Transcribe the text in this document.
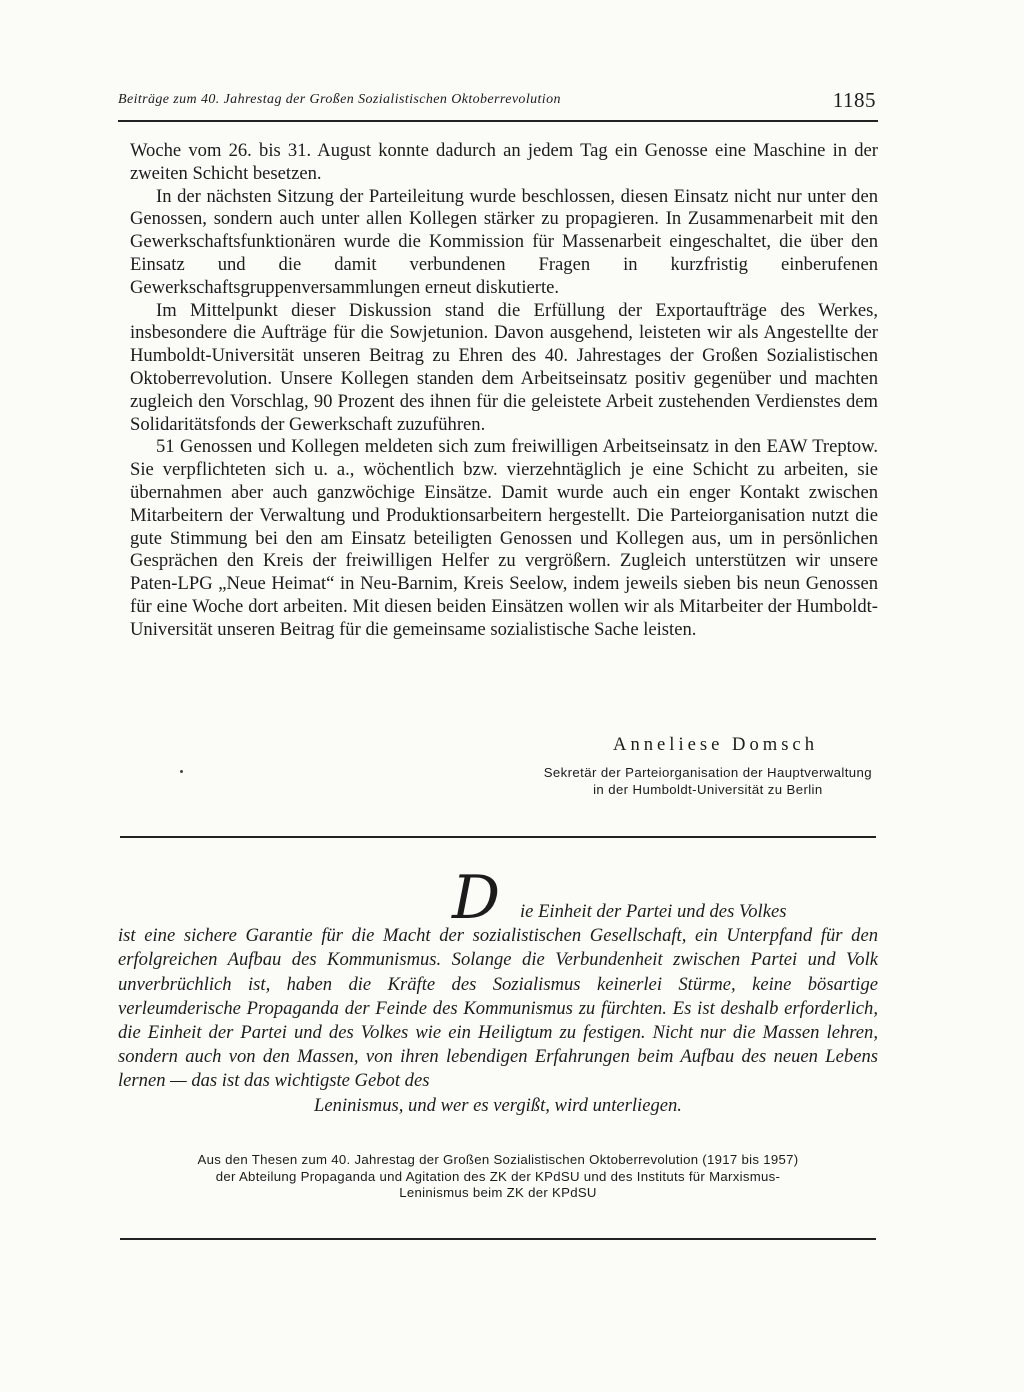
Beiträge zum 40. Jahrestag der Großen Sozialistischen Oktoberrevolution	1185

Woche vom 26. bis 31. August konnte dadurch an jedem Tag ein Genosse eine Maschine in der zweiten Schicht besetzen.

In der nächsten Sitzung der Parteileitung wurde beschlossen, diesen Einsatz nicht nur unter den Genossen, sondern auch unter allen Kollegen stärker zu propagieren. In Zusammenarbeit mit den Gewerkschaftsfunktionären wurde die Kommission für Massenarbeit eingeschaltet, die über den Einsatz und die damit verbundenen Fragen in kurzfristig einberufenen Gewerkschaftsgruppenversammlungen erneut diskutierte.

Im Mittelpunkt dieser Diskussion stand die Erfüllung der Exportaufträge des Werkes, insbesondere die Aufträge für die Sowjetunion. Davon ausgehend, leisteten wir als Angestellte der Humboldt-Universität unseren Beitrag zu Ehren des 40. Jahrestages der Großen Sozialistischen Oktoberrevolution. Unsere Kollegen standen dem Arbeitseinsatz positiv gegenüber und machten zugleich den Vorschlag, 90 Prozent des ihnen für die geleistete Arbeit zustehenden Verdienstes dem Solidaritätsfonds der Gewerkschaft zuzuführen.

51 Genossen und Kollegen meldeten sich zum freiwilligen Arbeitseinsatz in den EAW Treptow. Sie verpflichteten sich u. a., wöchentlich bzw. vierzehntäglich je eine Schicht zu arbeiten, sie übernahmen aber auch ganzwöchige Einsätze. Damit wurde auch ein enger Kontakt zwischen Mitarbeitern der Verwaltung und Produktionsarbeitern hergestellt. Die Parteiorganisation nutzt die gute Stimmung bei den am Einsatz beteiligten Genossen und Kollegen aus, um in persönlichen Gesprächen den Kreis der freiwilligen Helfer zu vergrößern. Zugleich unterstützen wir unsere Paten-LPG „Neue Heimat“ in Neu-Barnim, Kreis Seelow, indem jeweils sieben bis neun Genossen für eine Woche dort arbeiten. Mit diesen beiden Einsätzen wollen wir als Mitarbeiter der Humboldt-Universität unseren Beitrag für die gemeinsame sozialistische Sache leisten.

Anneliese Domsch
Sekretär der Parteiorganisation der Hauptverwaltung
in der Humboldt-Universität zu Berlin
D	ie Einheit der Partei und des Volkes
ist eine sichere Garantie für die Macht der sozialistischen Gesellschaft, ein Unterpfand für den erfolgreichen Aufbau des Kommunismus. Solange die Verbundenheit zwischen Partei und Volk unverbrüchlich ist, haben die Kräfte des Sozialismus keinerlei Stürme, keine bösartige verleumderische Propaganda der Feinde des Kommunismus zu fürchten. Es ist deshalb erforderlich, die Einheit der Partei und des Volkes wie ein Heiligtum zu festigen. Nicht nur die Massen lehren, sondern auch von den Massen, von ihren lebendigen Erfahrungen beim Aufbau des neuen Lebens lernen — das ist das wichtigste Gebot des
Leninismus, und wer es vergißt, wird unterliegen.
Aus den Thesen zum 40. Jahrestag der Großen Sozialistischen Oktoberrevolution (1917 bis 1957)
der Abteilung Propaganda und Agitation des ZK der KPdSU und des Instituts für Marxismus-
Leninismus beim ZK der KPdSU
